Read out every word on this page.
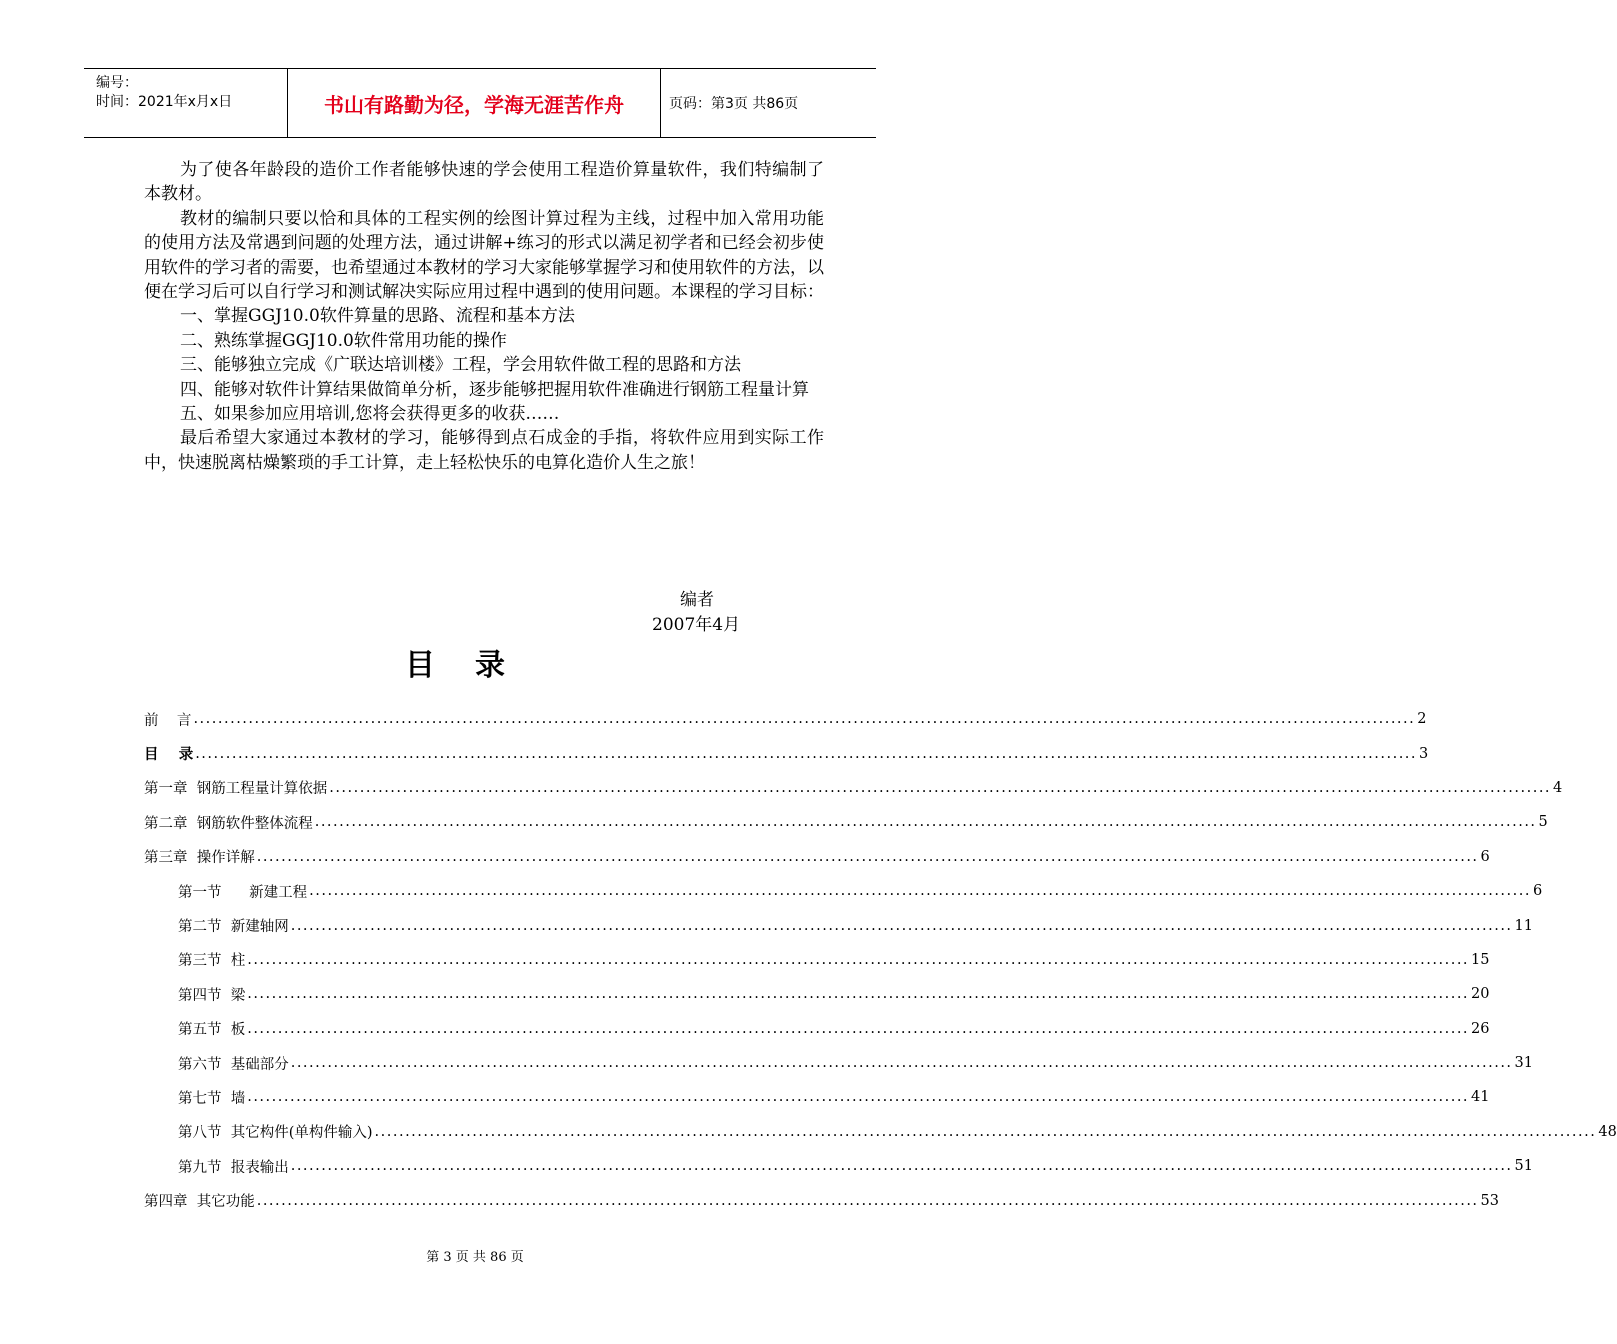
编号：
时间：2021年x月x日	书山有路勤为径，学海无涯苦作舟	页码：第3页 共86页

为了使各年龄段的造价工作者能够快速的学会使用工程造价算量软件，我们特编制了本教材。

教材的编制只要以恰和具体的工程实例的绘图计算过程为主线，过程中加入常用功能的使用方法及常遇到问题的处理方法，通过讲解+练习的形式以满足初学者和已经会初步使用软件的学习者的需要，也希望通过本教材的学习大家能够掌握学习和使用软件的方法，以便在学习后可以自行学习和测试解决实际应用过程中遇到的使用问题。本课程的学习目标：

一、掌握GGJ10.0软件算量的思路、流程和基本方法

二、熟练掌握GGJ10.0软件常用功能的操作

三、能够独立完成《广联达培训楼》工程，学会用软件做工程的思路和方法

四、能够对软件计算结果做简单分析，逐步能够把握用软件准确进行钢筋工程量计算

五、如果参加应用培训,您将会获得更多的收获……

最后希望大家通过本教材的学习，能够得到点石成金的手指，将软件应用到实际工作中，快速脱离枯燥繁琐的手工计算，走上轻松快乐的电算化造价人生之旅！

编者
2007年4月
目录
前    言 ........................................................................................................................................................................................................ 2
目    录 ........................................................................................................................................................................................................ 3
第一章  钢筋工程量计算依据 ........................................................................................................................................................................................................ 4
第二章  钢筋软件整体流程 ........................................................................................................................................................................................................ 5
第三章  操作详解 ........................................................................................................................................................................................................ 6
第一节      新建工程 ........................................................................................................................................................................................................ 6
第二节  新建轴网 ........................................................................................................................................................................................................ 11
第三节  柱 ........................................................................................................................................................................................................ 15
第四节  梁 ........................................................................................................................................................................................................ 20
第五节  板 ........................................................................................................................................................................................................ 26
第六节  基础部分 ........................................................................................................................................................................................................ 31
第七节  墙 ........................................................................................................................................................................................................ 41
第八节  其它构件(单构件输入) ........................................................................................................................................................................................................ 48
第九节  报表输出 ........................................................................................................................................................................................................ 51
第四章  其它功能 ........................................................................................................................................................................................................ 53
第 3 页 共 86 页
